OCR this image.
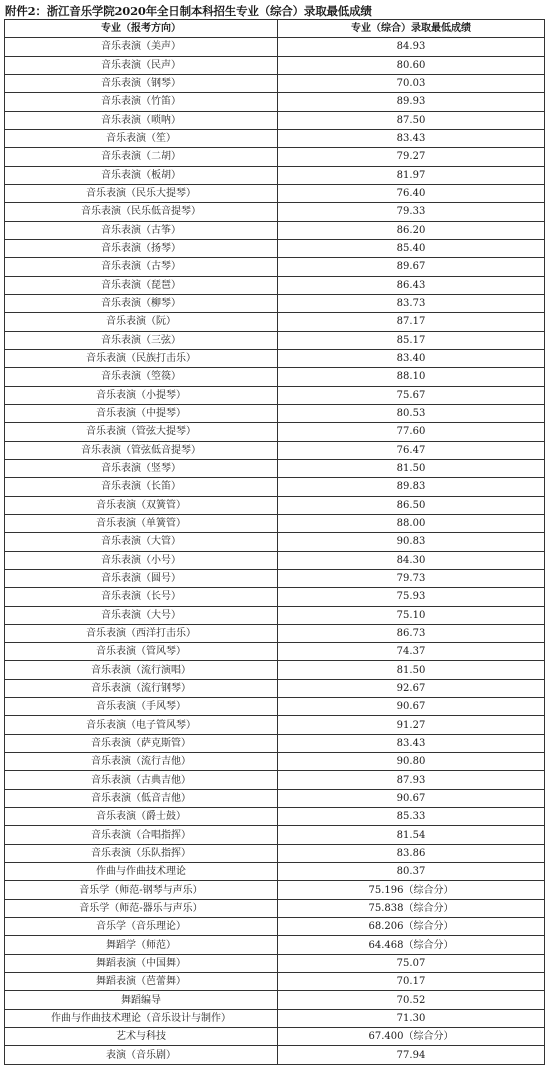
附件2：浙江音乐学院2020年全日制本科招生专业（综合）录取最低成绩
专业（报考方向）	专业（综合）录取最低成绩
音乐表演（美声）	84.93
音乐表演（民声）	80.60
音乐表演（钢琴）	70.03
音乐表演（竹笛）	89.93
音乐表演（唢呐）	87.50
音乐表演（笙）	83.43
音乐表演（二胡）	79.27
音乐表演（板胡）	81.97
音乐表演（民乐大提琴）	76.40
音乐表演（民乐低音提琴）	79.33
音乐表演（古筝）	86.20
音乐表演（扬琴）	85.40
音乐表演（古琴）	89.67
音乐表演（琵琶）	86.43
音乐表演（柳琴）	83.73
音乐表演（阮）	87.17
音乐表演（三弦）	85.17
音乐表演（民族打击乐）	83.40
音乐表演（箜篌）	88.10
音乐表演（小提琴）	75.67
音乐表演（中提琴）	80.53
音乐表演（管弦大提琴）	77.60
音乐表演（管弦低音提琴）	76.47
音乐表演（竖琴）	81.50
音乐表演（长笛）	89.83
音乐表演（双簧管）	86.50
音乐表演（单簧管）	88.00
音乐表演（大管）	90.83
音乐表演（小号）	84.30
音乐表演（圆号）	79.73
音乐表演（长号）	75.93
音乐表演（大号）	75.10
音乐表演（西洋打击乐）	86.73
音乐表演（管风琴）	74.37
音乐表演（流行演唱）	81.50
音乐表演（流行钢琴）	92.67
音乐表演（手风琴）	90.67
音乐表演（电子管风琴）	91.27
音乐表演（萨克斯管）	83.43
音乐表演（流行吉他）	90.80
音乐表演（古典吉他）	87.93
音乐表演（低音吉他）	90.67
音乐表演（爵士鼓）	85.33
音乐表演（合唱指挥）	81.54
音乐表演（乐队指挥）	83.86
作曲与作曲技术理论	80.37
音乐学（师范-钢琴与声乐）	75.196（综合分）
音乐学（师范-器乐与声乐）	75.838（综合分）
音乐学（音乐理论）	68.206（综合分）
舞蹈学（师范）	64.468（综合分）
舞蹈表演（中国舞）	75.07
舞蹈表演（芭蕾舞）	70.17
舞蹈编导	70.52
作曲与作曲技术理论（音乐设计与制作）	71.30
艺术与科技	67.400（综合分）
表演（音乐剧）	77.94
